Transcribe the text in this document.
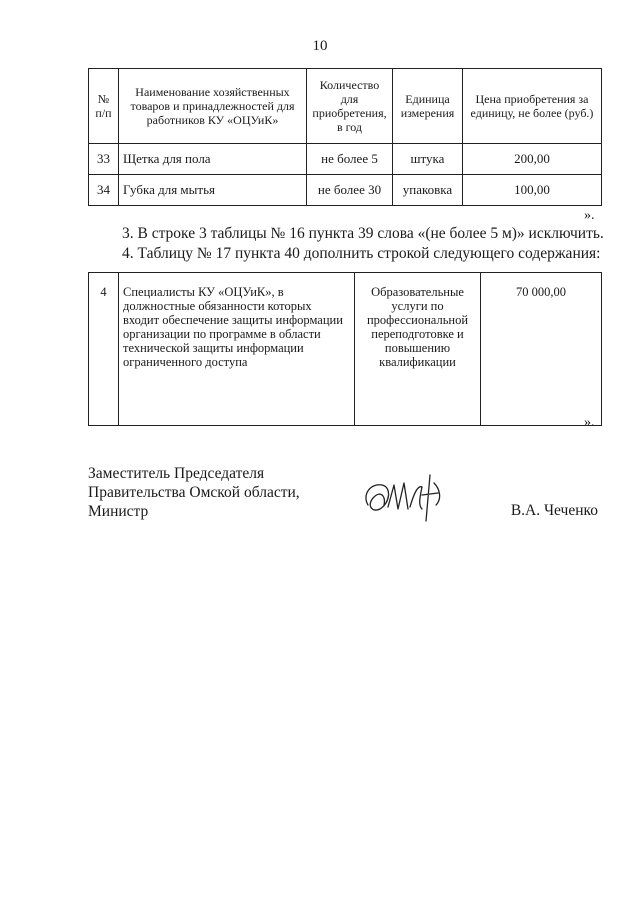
10
№ п/п	Наименование хозяйственных товаров и принадлежностей для работников КУ «ОЦУиК»	Количество для приобретения, в год	Единица измерения	Цена приобретения за единицу, не более (руб.)
33	Щетка для пола	не более 5	штука	200,00
34	Губка для мытья	не более 30	упаковка	100,00
».
3. В строке 3 таблицы № 16 пункта 39 слова «(не более 5 м)» исключить.
4. Таблицу № 17 пункта 40 дополнить строкой следующего содержания:
4	Специалисты КУ «ОЦУиК», в должностные обязанности которых входит обеспечение защиты информации организации по программе в области технической защиты информации ограниченного доступа	Образовательные услуги по профессиональной переподготовке и повышению квалификации	70 000,00
».
Заместитель Председателя
Правительства Омской области,
Министр	В.А. Чеченко
